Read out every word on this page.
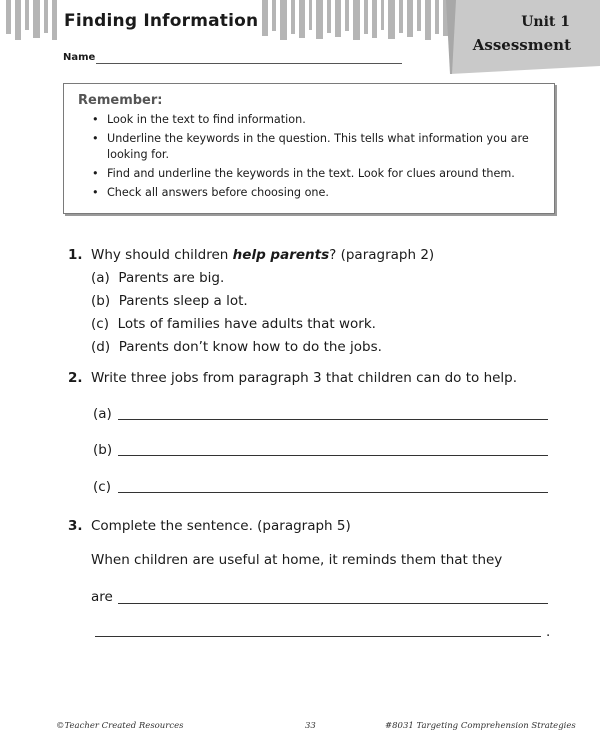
Unit 1
Assessment
Finding Information
Name
Remember:
• Look in the text to find information.
• Underline the keywords in the question. This tells what information you are looking for.
• Find and underline the keywords in the text. Look for clues around them.
• Check all answers before choosing one.
1. Why should children help parents? (paragraph 2)
(a) Parents are big.
(b) Parents sleep a lot.
(c) Lots of families have adults that work.
(d) Parents don’t know how to do the jobs.
2. Write three jobs from paragraph 3 that children can do to help.
(a)
(b)
(c)
3. Complete the sentence. (paragraph 5)
When children are useful at home, it reminds them that they
are
.
©Teacher Created Resources	33	#8031 Targeting Comprehension Strategies
